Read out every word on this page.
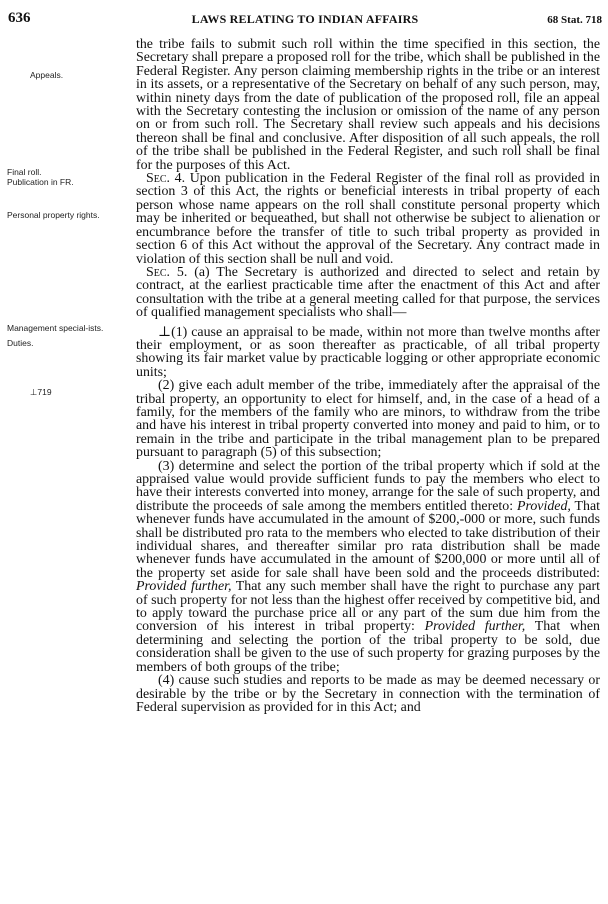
636	LAWS RELATING TO INDIAN AFFAIRS	68 Stat. 718
Appeals.
Final roll.
Publication in FR.
Personal property rights.
Management special-ists.
Duties.
⊥719

the tribe fails to submit such roll within the time specified in this section, the Secretary shall prepare a proposed roll for the tribe, which shall be published in the Federal Register. Any person claiming membership rights in the tribe or an interest in its assets, or a representative of the Secretary on behalf of any such person, may, within ninety days from the date of publication of the proposed roll, file an appeal with the Secretary contesting the inclusion or omission of the name of any person on or from such roll. The Secretary shall review such appeals and his decisions thereon shall be final and conclusive. After disposition of all such appeals, the roll of the tribe shall be published in the Federal Register, and such roll shall be final for the purposes of this Act.

Sec. 4. Upon publication in the Federal Register of the final roll as provided in section 3 of this Act, the rights or beneficial interests in tribal property of each person whose name appears on the roll shall constitute personal property which may be inherited or bequeathed, but shall not otherwise be subject to alienation or encumbrance before the transfer of title to such tribal property as provided in section 6 of this Act without the approval of the Secretary. Any contract made in violation of this section shall be null and void.

Sec. 5. (a) The Secretary is authorized and directed to select and retain by contract, at the earliest practicable time after the enactment of this Act and after consultation with the tribe at a general meeting called for that purpose, the services of qualified management specialists who shall—

⊥(1) cause an appraisal to be made, within not more than twelve months after their employment, or as soon thereafter as practicable, of all tribal property showing its fair market value by practicable logging or other appropriate economic units;

(2) give each adult member of the tribe, immediately after the appraisal of the tribal property, an opportunity to elect for himself, and, in the case of a head of a family, for the members of the family who are minors, to withdraw from the tribe and have his interest in tribal property converted into money and paid to him, or to remain in the tribe and participate in the tribal management plan to be prepared pursuant to paragraph (5) of this subsection;

(3) determine and select the portion of the tribal property which if sold at the appraised value would provide sufficient funds to pay the members who elect to have their interests converted into money, arrange for the sale of such property, and distribute the proceeds of sale among the members entitled thereto: Provided, That whenever funds have accumulated in the amount of $200,-000 or more, such funds shall be distributed pro rata to the members who elected to take distribution of their individual shares, and thereafter similar pro rata distribution shall be made whenever funds have accumulated in the amount of $200,000 or more until all of the property set aside for sale shall have been sold and the proceeds distributed: Provided further, That any such member shall have the right to purchase any part of such property for not less than the highest offer received by competitive bid, and to apply toward the purchase price all or any part of the sum due him from the conversion of his interest in tribal property: Provided further, That when determining and selecting the portion of the tribal property to be sold, due consideration shall be given to the use of such property for grazing purposes by the members of both groups of the tribe;

(4) cause such studies and reports to be made as may be deemed necessary or desirable by the tribe or by the Secretary in connection with the termination of Federal supervision as provided for in this Act; and
